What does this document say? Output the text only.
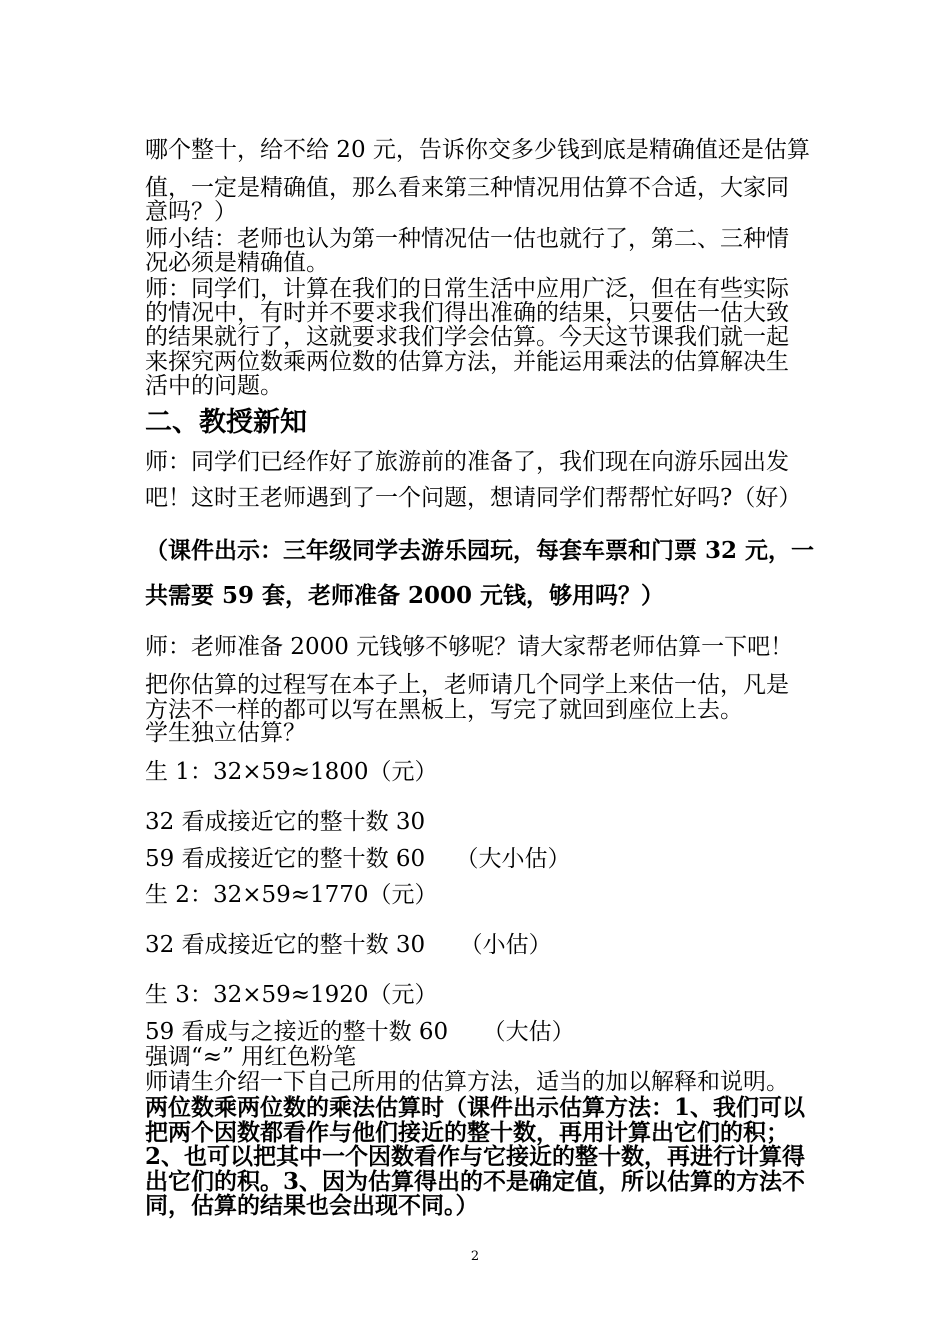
哪个整十，给不给 20 元，告诉你交多少钱到底是精确值还是估算
值，一定是精确值，那么看来第三种情况用估算不合适，大家同
意吗？）
师小结：老师也认为第一种情况估一估也就行了，第二、三种情
况必须是精确值。
师：同学们，计算在我们的日常生活中应用广泛，但在有些实际
的情况中，有时并不要求我们得出准确的结果，只要估一估大致
的结果就行了，这就要求我们学会估算。今天这节课我们就一起
来探究两位数乘两位数的估算方法，并能运用乘法的估算解决生
活中的问题。
二、教授新知
师：同学们已经作好了旅游前的准备了，我们现在向游乐园出发
吧！这时王老师遇到了一个问题，想请同学们帮帮忙好吗?（好）
（课件出示：三年级同学去游乐园玩，每套车票和门票 32 元，一
共需要 59 套，老师准备 2000 元钱，够用吗？）
师：老师准备 2000 元钱够不够呢？请大家帮老师估算一下吧！
把你估算的过程写在本子上，老师请几个同学上来估一估，凡是
方法不一样的都可以写在黑板上，写完了就回到座位上去。
学生独立估算？
生 1：32×59≈1800（元）
32 看成接近它的整十数 30
59 看成接近它的整十数 60　 （大小估）
生 2：32×59≈1770（元）
32 看成接近它的整十数 30　　（小估）
生 3：32×59≈1920（元）
59 看成与之接近的整十数 60　　（大估）
强调“≈” 用红色粉笔
师请生介绍一下自己所用的估算方法，适当的加以解释和说明。
两位数乘两位数的乘法估算时（课件出示估算方法：1、我们可以
把两个因数都看作与他们接近的整十数，再用计算出它们的积；
2、也可以把其中一个因数看作与它接近的整十数，再进行计算得
出它们的积。3、因为估算得出的不是确定值，所以估算的方法不
同，估算的结果也会出现不同。）
2
